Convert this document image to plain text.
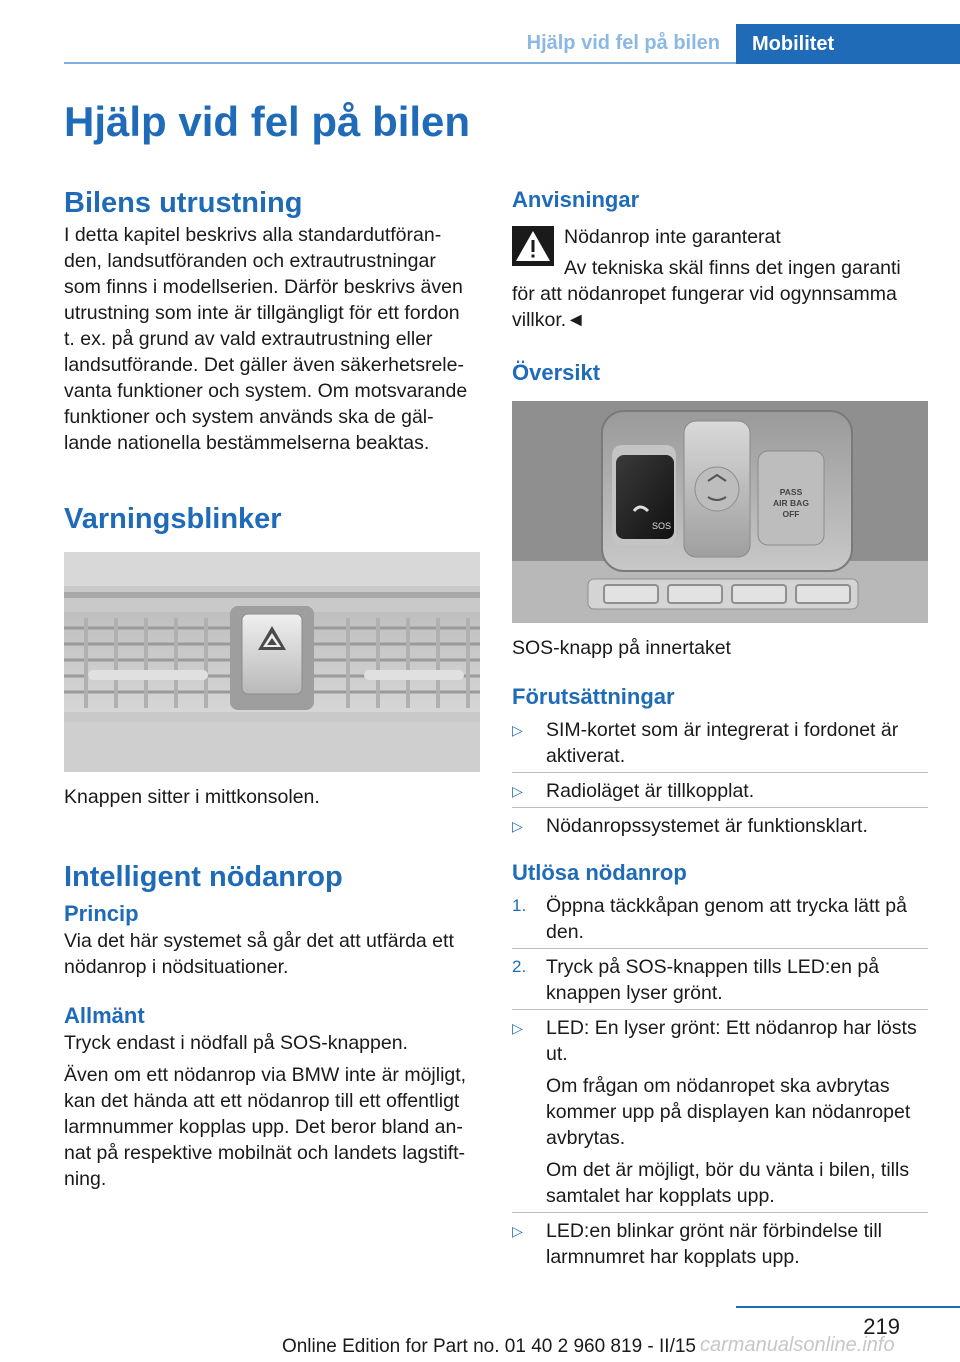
Hjälp vid fel på bilen	Mobilitet
Hjälp vid fel på bilen
Bilens utrustning
I detta kapitel beskrivs alla standardutföran-
den, landsutföranden och extrautrustningar
som finns i modellserien. Därför beskrivs även
utrustning som inte är tillgängligt för ett fordon
t. ex. på grund av vald extrautrustning eller
landsutförande. Det gäller även säkerhetsrele-
vanta funktioner och system. Om motsvarande
funktioner och system används ska de gäl-
lande nationella bestämmelserna beaktas.
Varningsblinker
Knappen sitter i mittkonsolen.
Intelligent nödanrop
Princip
Via det här systemet så går det att utfärda ett
nödanrop i nödsituationer.
Allmänt
Tryck endast i nödfall på SOS-knappen.
Även om ett nödanrop via BMW inte är möjligt,
kan det hända att ett nödanrop till ett offentligt
larmnummer kopplas upp. Det beror bland an-
nat på respektive mobilnät och landets lagstift-
ning.
Anvisningar
Nödanrop inte garanterat
Av tekniska skäl finns det ingen garanti
för att nödanropet fungerar vid ogynnsamma
villkor.◄
Översikt
SOS
PASS
AIR BAG
OFF
SOS-knapp på innertaket
Förutsättningar
▷	SIM-kortet som är integrerat i fordonet är
aktiverat.
▷	Radioläget är tillkopplat.
▷	Nödanropssystemet är funktionsklart.
Utlösa nödanrop
1.	Öppna täckkåpan genom att trycka lätt på
den.
2.	Tryck på SOS-knappen tills LED:en på
knappen lyser grönt.
▷	LED: En lyser grönt: Ett nödanrop har lösts
ut.
Om frågan om nödanropet ska avbrytas
kommer upp på displayen kan nödanropet
avbrytas.
Om det är möjligt, bör du vänta i bilen, tills
samtalet har kopplats upp.
▷	LED:en blinkar grönt när förbindelse till
larmnumret har kopplats upp.
219
Online Edition for Part no. 01 40 2 960 819 - II/15 carmanualsonline.info
